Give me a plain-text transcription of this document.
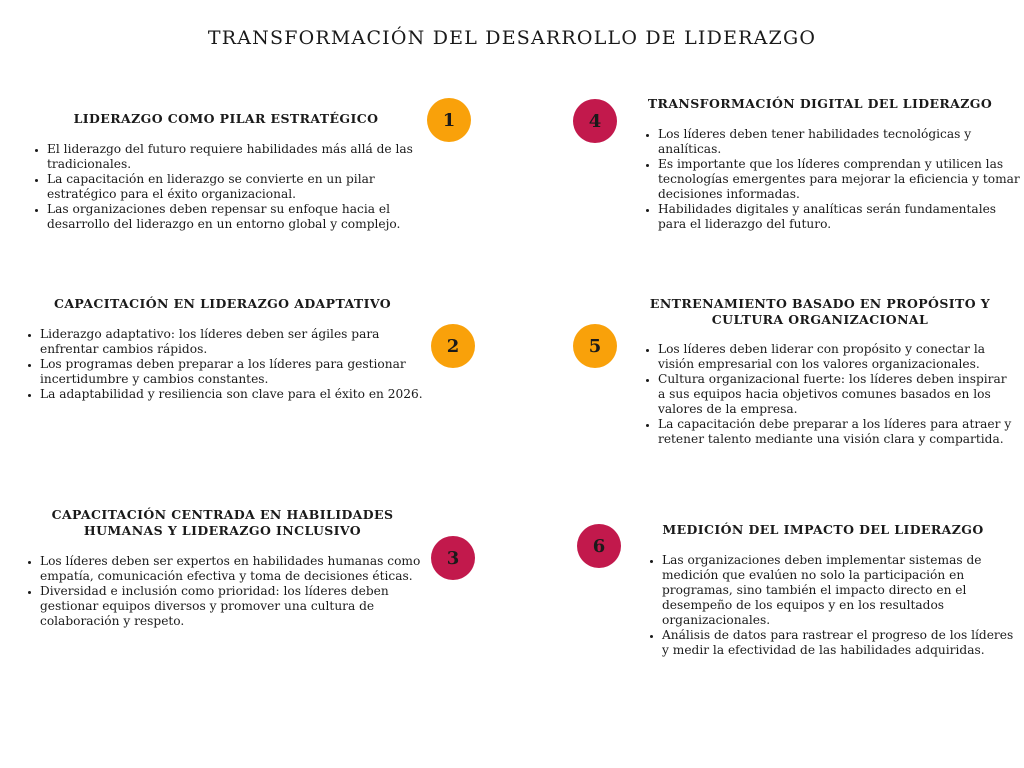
TRANSFORMACIÓN DEL DESARROLLO DE LIDERAZGO
LIDERAZGO COMO PILAR ESTRATÉGICO	1
• El liderazgo del futuro requiere habilidades más allá de las tradicionales.
• La capacitación en liderazgo se convierte en un pilar estratégico para el éxito organizacional.
• Las organizaciones deben repensar su enfoque hacia el desarrollo del liderazgo en un entorno global y complejo.
CAPACITACIÓN EN LIDERAZGO ADAPTATIVO
2
• Liderazgo adaptativo: los líderes deben ser ágiles para enfrentar cambios rápidos.
• Los programas deben preparar a los líderes para gestionar incertidumbre y cambios constantes.
• La adaptabilidad y resiliencia son clave para el éxito en 2026.
CAPACITACIÓN CENTRADA EN HABILIDADES HUMANAS Y LIDERAZGO INCLUSIVO
3
• Los líderes deben ser expertos en habilidades humanas como empatía, comunicación efectiva y toma de decisiones éticas.
• Diversidad e inclusión como prioridad: los líderes deben gestionar equipos diversos y promover una cultura de colaboración y respeto.
4
TRANSFORMACIÓN DIGITAL DEL LIDERAZGO
• Los líderes deben tener habilidades tecnológicas y analíticas.
• Es importante que los líderes comprendan y utilicen las tecnologías emergentes para mejorar la eficiencia y tomar decisiones informadas.
• Habilidades digitales y analíticas serán fundamentales para el liderazgo del futuro.
5
ENTRENAMIENTO BASADO EN PROPÓSITO Y CULTURA ORGANIZACIONAL
• Los líderes deben liderar con propósito y conectar la visión empresarial con los valores organizacionales.
• Cultura organizacional fuerte: los líderes deben inspirar a sus equipos hacia objetivos comunes basados en los valores de la empresa.
• La capacitación debe preparar a los líderes para atraer y retener talento mediante una visión clara y compartida.
6
MEDICIÓN DEL IMPACTO DEL LIDERAZGO
• Las organizaciones deben implementar sistemas de medición que evalúen no solo la participación en programas, sino también el impacto directo en el desempeño de los equipos y en los resultados organizacionales.
• Análisis de datos para rastrear el progreso de los líderes y medir la efectividad de las habilidades adquiridas.
